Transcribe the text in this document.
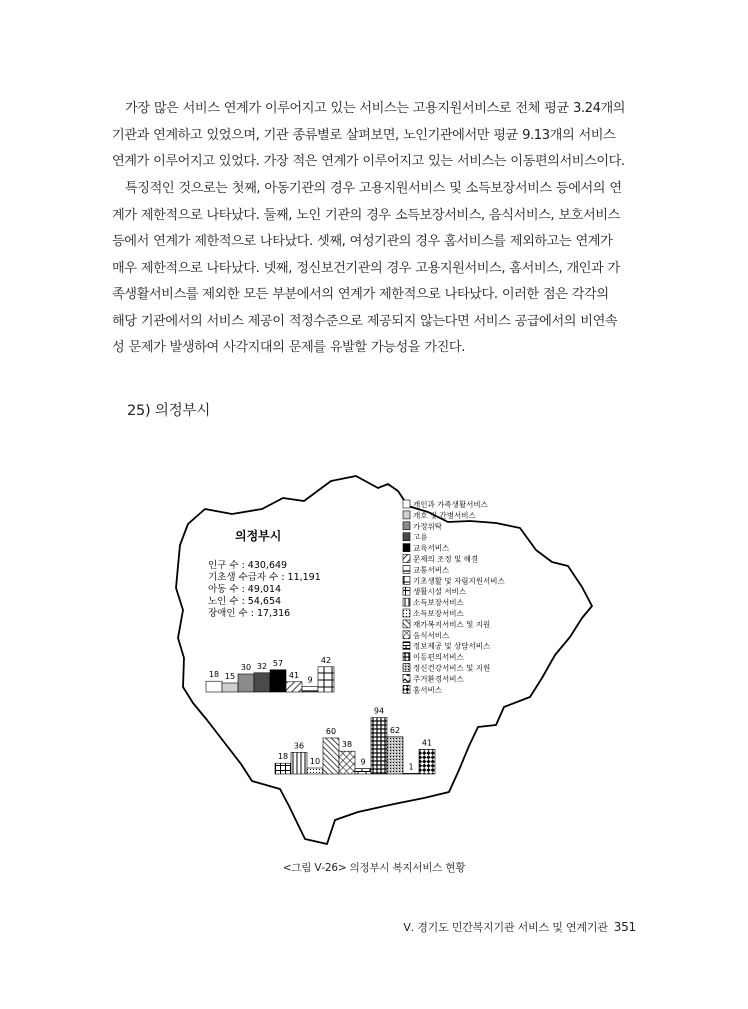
가장 많은 서비스 연계가 이루어지고 있는 서비스는 고용지원서비스로 전체 평균 3.24개의
기관과 연계하고 있었으며, 기관 종류별로 살펴보면, 노인기관에서만 평균 9.13개의 서비스
연계가 이루어지고 있었다. 가장 적은 연계가 이루어지고 있는 서비스는 이동편의서비스이다.
특징적인 것으로는 첫째, 아동기관의 경우 고용지원서비스 및 소득보장서비스 등에서의 연
계가 제한적으로 나타났다. 둘째, 노인 기관의 경우 소득보장서비스, 음식서비스, 보호서비스
등에서 연계가 제한적으로 나타났다. 셋째, 여성기관의 경우 홈서비스를 제외하고는 연계가
매우 제한적으로 나타났다. 넷째, 정신보건기관의 경우 고용지원서비스, 홈서비스, 개인과 가
족생활서비스를 제외한 모든 부분에서의 연계가 제한적으로 나타났다. 이러한 점은 각각의
해당 기관에서의 서비스 제공이 적정수준으로 제공되지 않는다면 서비스 공급에서의 비연속
성 문제가 발생하여 사각지대의 문제를 유발할 가능성을 가진다.
25) 의정부시
의정부시
인구 수 : 430,649
기초생 수급자 수 : 11,191
아동 수 : 49,014
노인 수 : 54,654
장애인 수 : 17,316
개인과 가족생활서비스
개호 및 간병서비스
가정위탁
고용
교육서비스
문제의 조정 및 해결
교통서비스
기초생활 및 자립지원서비스
생활시설 서비스
소득보장서비스
소득보장서비스
재가복지서비스 및 지원
음식서비스
정보제공 및 상담서비스
이동편의서비스
정신건강서비스 및 지원
주거환경서비스
홈서비스
18 15
30 32 57
41
9
42
18
36
10
60
38
9
94
62
1
41
<그림 Ⅴ-26> 의정부시 복지서비스 현황
Ⅴ. 경기도 민간복지기관 서비스 및 연계기관 351
